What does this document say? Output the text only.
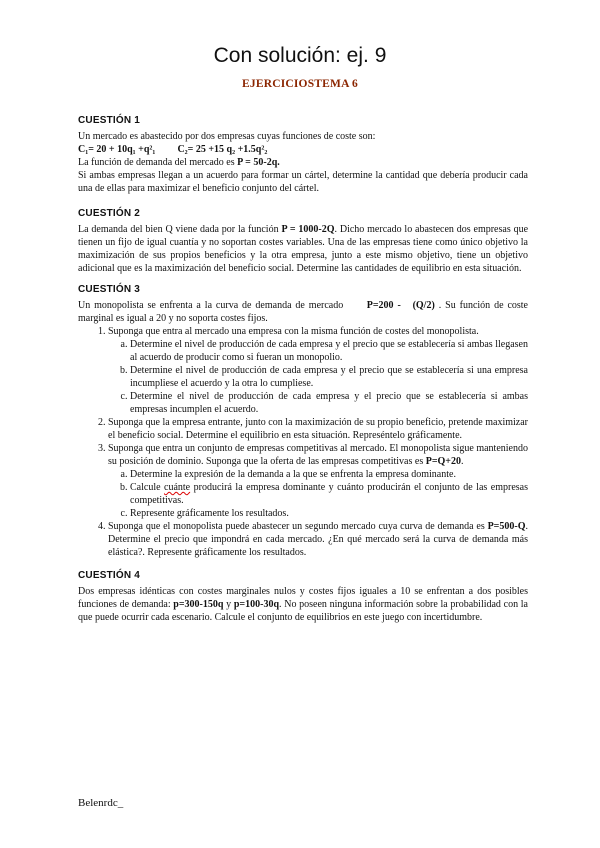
Con solución: ej. 9
EJERCICIOSTEMA 6
CUESTIÓN 1

Un mercado es abastecido por dos empresas cuyas funciones de coste son:

C₁= 20 + 10q₁ +q²₁ C₂= 25 +15 q₂ +1.5q²₂

La función de demanda del mercado es P = 50-2q.

Si ambas empresas llegan a un acuerdo para formar un cártel, determine la cantidad que debería producir cada una de ellas para maximizar el beneficio conjunto del cártel.

CUESTIÓN 2

La demanda del bien Q viene dada por la función P = 1000-2Q. Dicho mercado lo abastecen dos empresas que tienen un fijo de igual cuantía y no soportan costes variables. Una de las empresas tiene como único objetivo la maximización de sus propios beneficios y la otra empresa, junto a este mismo objetivo, tiene un objetivo adicional que es la maximización del beneficio social. Determine las cantidades de equilibrio en esta situación.

CUESTIÓN 3

Un monopolista se enfrenta a la curva de demanda de mercado      P=200 -   (Q/2) . Su función de coste marginal es igual a 20 y no soporta costes fijos.

1. Suponga que entra al mercado una empresa con la misma función de costes del monopolista.
a. Determine el nivel de producción de cada empresa y el precio que se establecería si ambas llegasen al acuerdo de producir como si fueran un monopolio.
b. Determine el nivel de producción de cada empresa y el precio que se establecería si una empresa incumpliese el acuerdo y la otra lo cumpliese.
c. Determine el nivel de producción de cada empresa y el precio que se establecería si ambas empresas incumplen el acuerdo.
2. Suponga que la empresa entrante, junto con la maximización de su propio beneficio, pretende maximizar el beneficio social. Determine el equilibrio en esta situación. Represéntelo gráficamente.
3. Suponga que entra un conjunto de empresas competitivas al mercado. El monopolista sigue manteniendo su posición de dominio. Suponga que la oferta de las empresas competitivas es P=Q+20.
a. Determine la expresión de la demanda a la que se enfrenta la empresa dominante.
b. Calcule cuánte producirá la empresa dominante y cuánto producirán el conjunto de las empresas competitivas.
c. Represente gráficamente los resultados.
4. Suponga que el monopolista puede abastecer un segundo mercado cuya curva de demanda es P=500-Q. Determine el precio que impondrá en cada mercado. ¿En qué mercado será la curva de demanda más elástica?. Represente gráficamente los resultados.
CUESTIÓN 4

Dos empresas idénticas con costes marginales nulos y costes fijos iguales a 10 se enfrentan a dos posibles funciones de demanda: p=300-150q y p=100-30q. No poseen ninguna información sobre la probabilidad con la que puede ocurrir cada escenario. Calcule el conjunto de equilibrios en este juego con incertidumbre.

Belenrdc_
